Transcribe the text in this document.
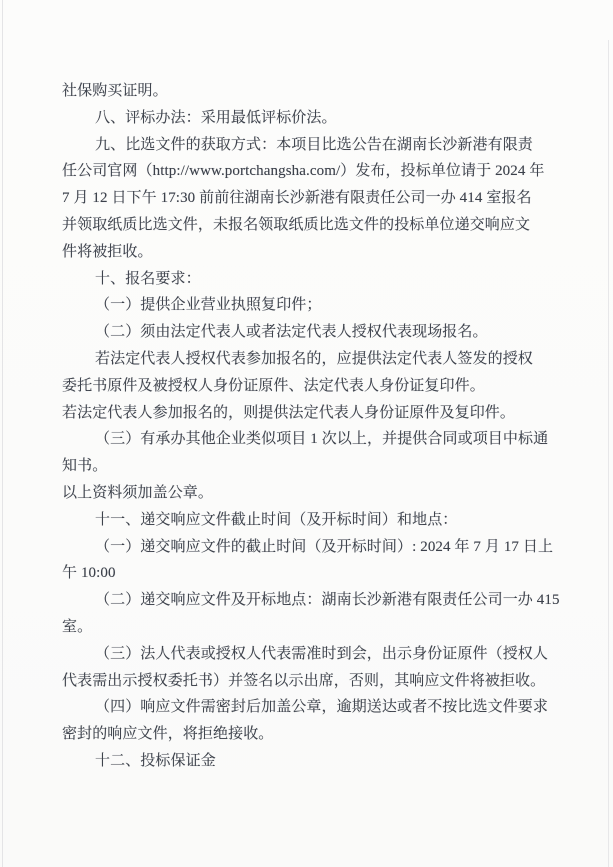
社保购买证明。
八、评标办法：采用最低评标价法。
九、比选文件的获取方式：本项目比选公告在湖南长沙新港有限责
任公司官网（http://www.portchangsha.com/）发布，投标单位请于 2024 年
7 月 12 日下午 17:30 前前往湖南长沙新港有限责任公司一办 414 室报名
并领取纸质比选文件，未报名领取纸质比选文件的投标单位递交响应文
件将被拒收。
十、报名要求：
（一）提供企业营业执照复印件；
（二）须由法定代表人或者法定代表人授权代表现场报名。
若法定代表人授权代表参加报名的，应提供法定代表人签发的授权
委托书原件及被授权人身份证原件、法定代表人身份证复印件。
若法定代表人参加报名的，则提供法定代表人身份证原件及复印件。
（三）有承办其他企业类似项目 1 次以上，并提供合同或项目中标通
知书。
以上资料须加盖公章。
十一、递交响应文件截止时间（及开标时间）和地点：
（一）递交响应文件的截止时间（及开标时间）: 2024 年 7 月 17 日上
午 10:00
（二）递交响应文件及开标地点：湖南长沙新港有限责任公司一办 415
室。
（三）法人代表或授权人代表需准时到会，出示身份证原件（授权人
代表需出示授权委托书）并签名以示出席，否则，其响应文件将被拒收。
（四）响应文件需密封后加盖公章，逾期送达或者不按比选文件要求
密封的响应文件，将拒绝接收。
十二、投标保证金
